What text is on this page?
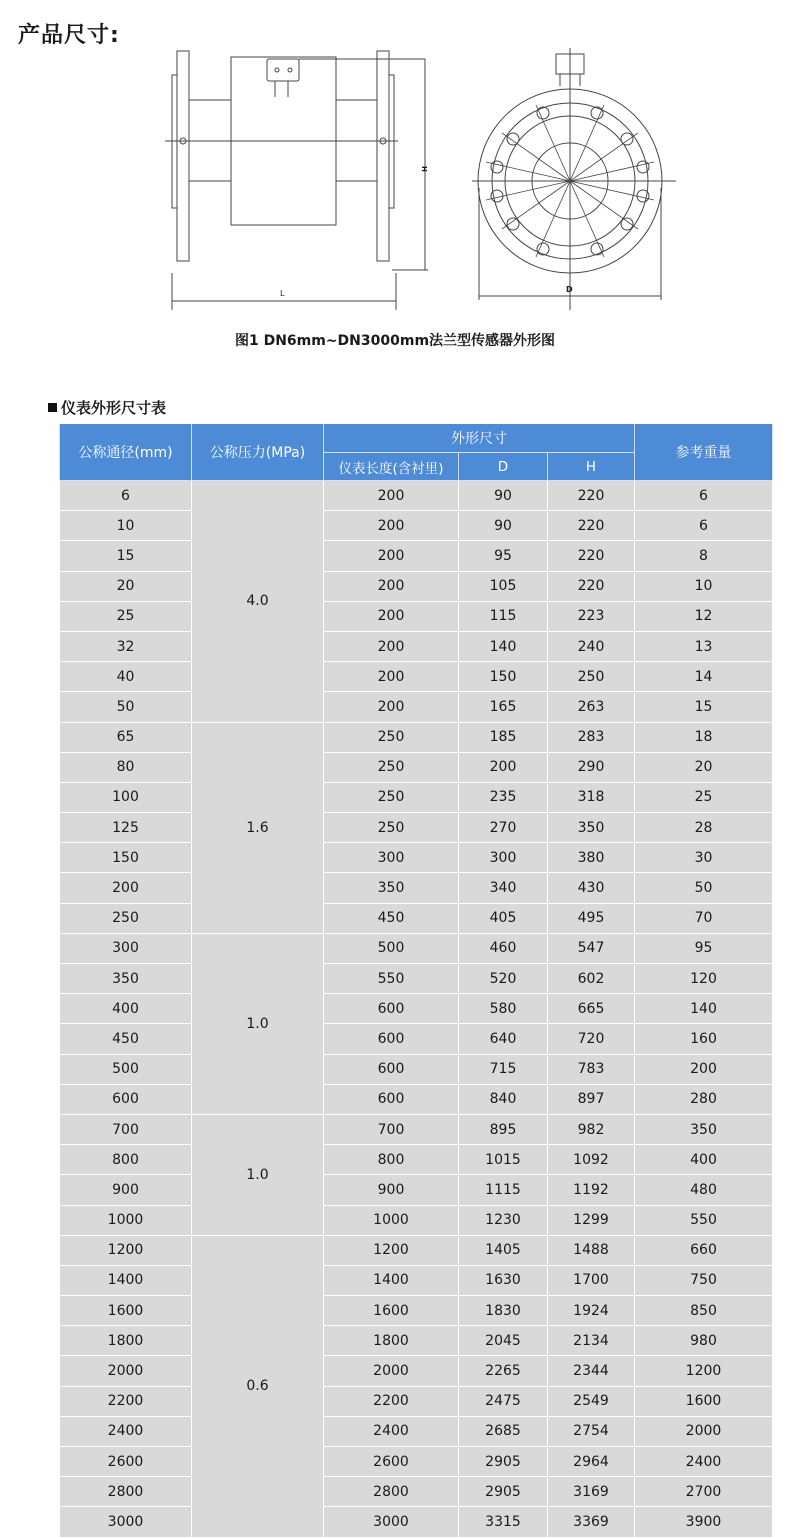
产品尺寸:
H
L	D
图1 DN6mm~DN3000mm法兰型传感器外形图
仪表外形尺寸表
公称通径(mm)	公称压力(MPa)	外形尺寸			参考重量
		仪表长度(含衬里)	D	H	
6	4.0	200	90	220	6
10		200	90	220	6
15		200	95	220	8
20		200	105	220	10
25		200	115	223	12
32		200	140	240	13
40		200	150	250	14
50		200	165	263	15
65	1.6	250	185	283	18
80		250	200	290	20
100		250	235	318	25
125		250	270	350	28
150		300	300	380	30
200		350	340	430	50
250		450	405	495	70
300	1.0	500	460	547	95
350		550	520	602	120
400		600	580	665	140
450		600	640	720	160
500		600	715	783	200
600		600	840	897	280
700	1.0	700	895	982	350
800		800	1015	1092	400
900		900	1115	1192	480
1000		1000	1230	1299	550
1200	0.6	1200	1405	1488	660
1400		1400	1630	1700	750
1600		1600	1830	1924	850
1800		1800	2045	2134	980
2000		2000	2265	2344	1200
2200		2200	2475	2549	1600
2400		2400	2685	2754	2000
2600		2600	2905	2964	2400
2800		2800	2905	3169	2700
3000		3000	3315	3369	3900
